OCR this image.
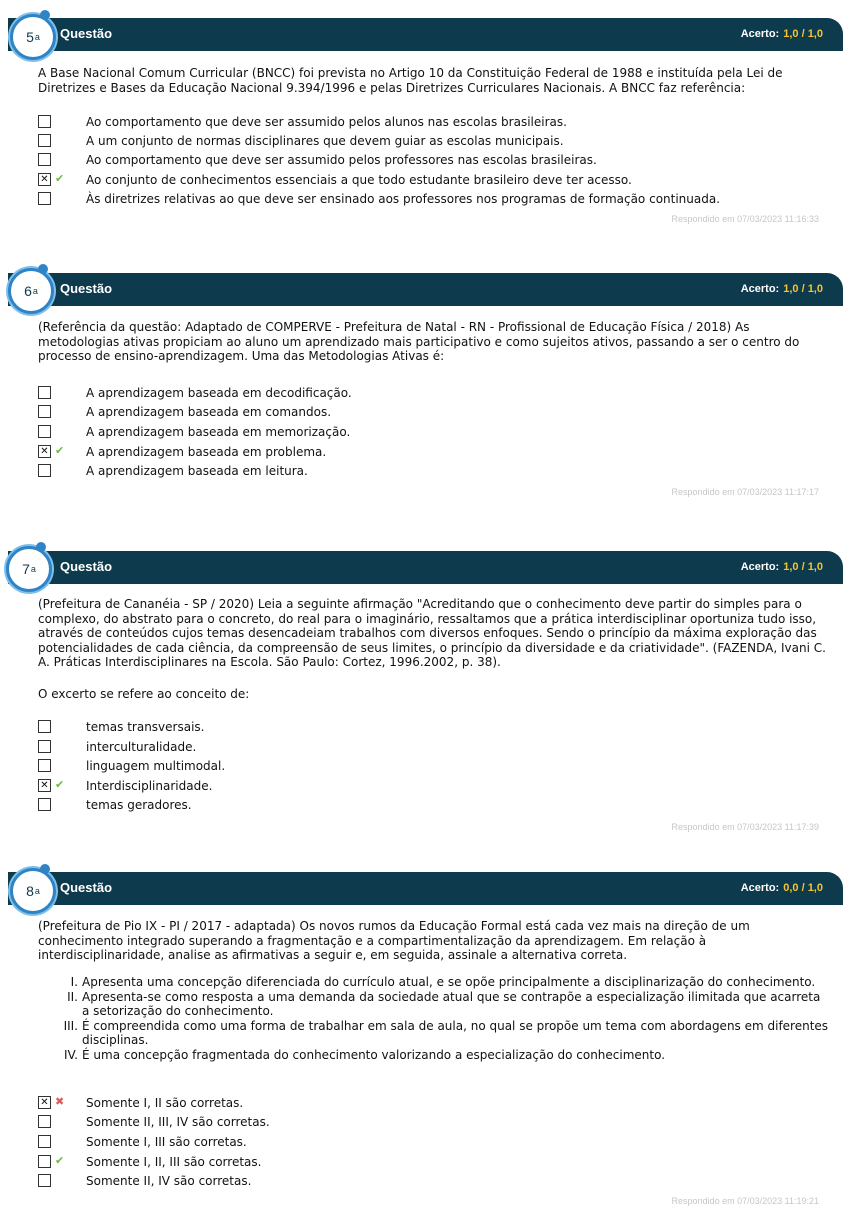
Questão	Acerto: 1,0 / 1,0
5 a
A Base Nacional Comum Curricular (BNCC) foi prevista no Artigo 10 da Constituição Federal de 1988 e instituída pela Lei de Diretrizes e Bases da Educação Nacional 9.394/1996 e pelas Diretrizes Curriculares Nacionais. A BNCC faz referência:
Ao comportamento que deve ser assumido pelos alunos nas escolas brasileiras.
A um conjunto de normas disciplinares que devem guiar as escolas municipais.
Ao comportamento que deve ser assumido pelos professores nas escolas brasileiras.
✕ ✔ Ao conjunto de conhecimentos essenciais a que todo estudante brasileiro deve ter acesso.
Às diretrizes relativas ao que deve ser ensinado aos professores nos programas de formação continuada.
Respondido em 07/03/2023 11:16:33
Questão	Acerto: 1,0 / 1,0
6 a
(Referência da questão: Adaptado de COMPERVE - Prefeitura de Natal - RN - Profissional de Educação Física / 2018) As metodologias ativas propiciam ao aluno um aprendizado mais participativo e como sujeitos ativos, passando a ser o centro do processo de ensino-aprendizagem. Uma das Metodologias Ativas é:
A aprendizagem baseada em decodificação.
A aprendizagem baseada em comandos.
A aprendizagem baseada em memorização.
✕ ✔ A aprendizagem baseada em problema.
A aprendizagem baseada em leitura.
Respondido em 07/03/2023 11:17:17
Questão	Acerto: 1,0 / 1,0
7 a
(Prefeitura de Cananéia - SP / 2020) Leia a seguinte afirmação "Acreditando que o conhecimento deve partir do simples para o complexo, do abstrato para o concreto, do real para o imaginário, ressaltamos que a prática interdisciplinar oportuniza tudo isso, através de conteúdos cujos temas desencadeiam trabalhos com diversos enfoques. Sendo o princípio da máxima exploração das potencialidades de cada ciência, da compreensão de seus limites, o princípio da diversidade e da criatividade". (FAZENDA, Ivani C. A. Práticas Interdisciplinares na Escola. São Paulo: Cortez, 1996.2002, p. 38).
O excerto se refere ao conceito de:
temas transversais.
interculturalidade.
linguagem multimodal.
✕ ✔ Interdisciplinaridade.
temas geradores.
Respondido em 07/03/2023 11:17:39
Questão	Acerto: 0,0 / 1,0
8 a
(Prefeitura de Pio IX - PI / 2017 - adaptada) Os novos rumos da Educação Formal está cada vez mais na direção de um conhecimento integrado superando a fragmentação e a compartimentalização da aprendizagem. Em relação à interdisciplinaridade, analise as afirmativas a seguir e, em seguida, assinale a alternativa correta.
I. Apresenta uma concepção diferenciada do currículo atual, e se opõe principalmente a disciplinarização do conhecimento.
II. Apresenta-se como resposta a uma demanda da sociedade atual que se contrapõe a especialização ilimitada que acarreta a setorização do conhecimento.
III. É compreendida como uma forma de trabalhar em sala de aula, no qual se propõe um tema com abordagens em diferentes disciplinas.
IV. É uma concepção fragmentada do conhecimento valorizando a especialização do conhecimento.
✕ ✖ Somente I, II são corretas.
Somente II, III, IV são corretas.
Somente I, III são corretas.
✔ Somente I, II, III são corretas.
Somente II, IV são corretas.
Respondido em 07/03/2023 11:19:21
